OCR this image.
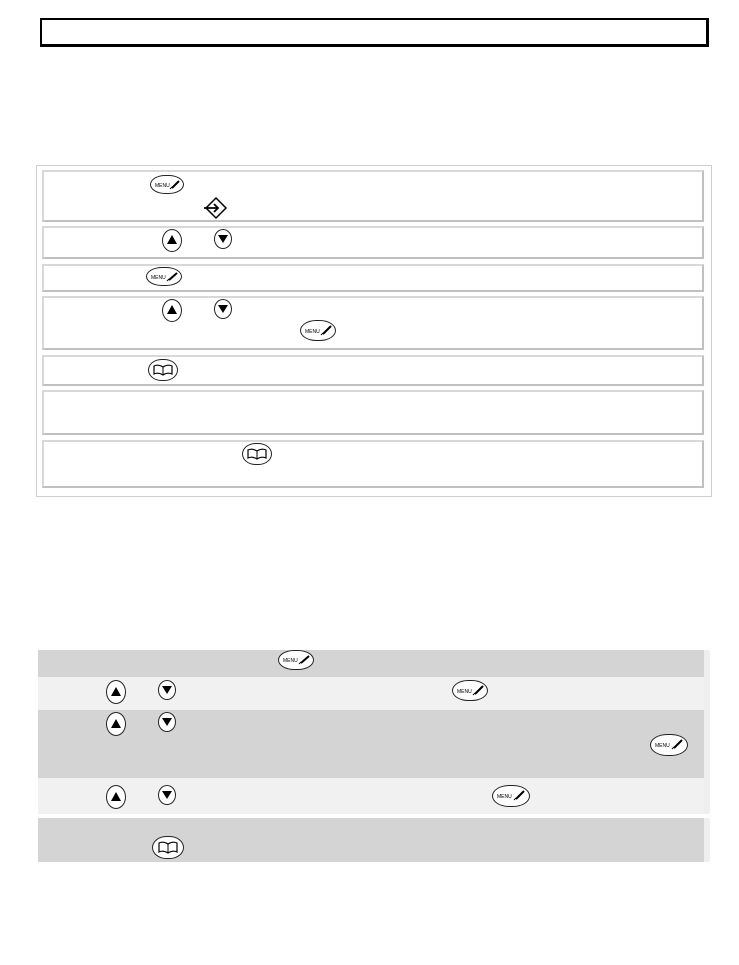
MENU
MENU
MENU
MENU
MENU
MENU
MENU
